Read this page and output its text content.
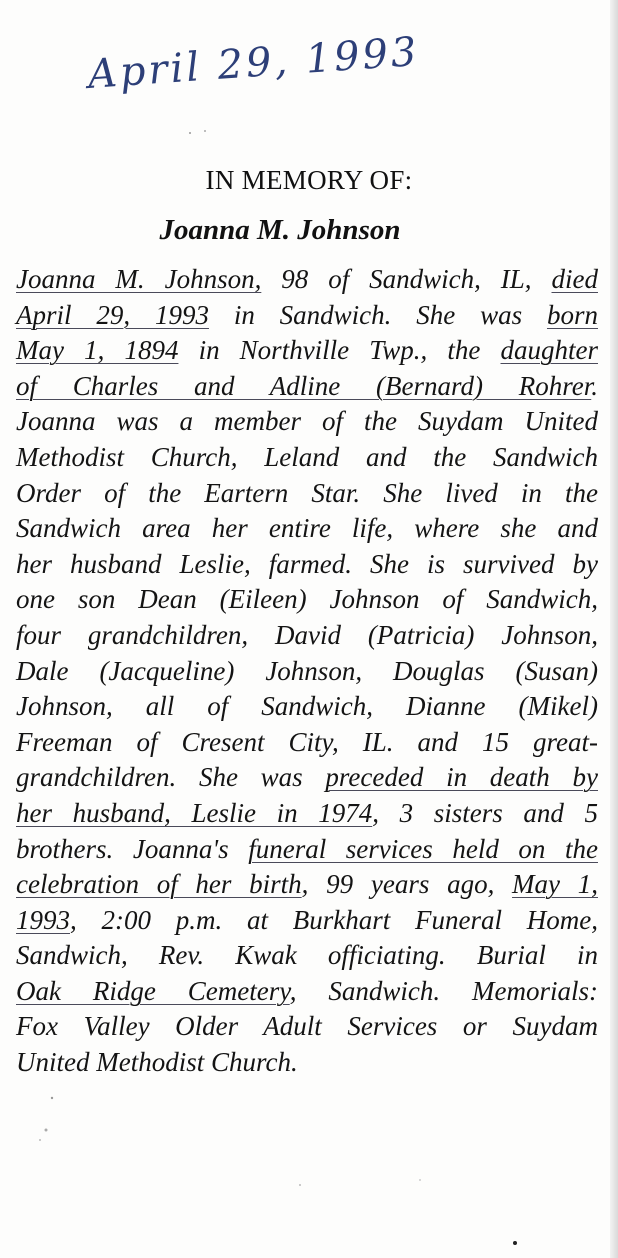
April 29, 1993
IN MEMORY OF:
Joanna M. Johnson
Joanna M. Johnson, 98 of Sandwich, IL, died
April 29, 1993 in Sandwich. She was born
May 1, 1894 in Northville Twp., the daughter
of Charles and Adline (Bernard) Rohrer.
Joanna was a member of the Suydam United
Methodist Church, Leland and the Sandwich
Order of the Eartern Star. She lived in the
Sandwich area her entire life, where she and
her husband Leslie, farmed. She is survived by
one son Dean (Eileen) Johnson of Sandwich,
four grandchildren, David (Patricia) Johnson,
Dale (Jacqueline) Johnson, Douglas (Susan)
Johnson, all of Sandwich, Dianne (Mikel)
Freeman of Cresent City, IL. and 15 great-
grandchildren. She was preceded in death by
her husband, Leslie in 1974, 3 sisters and 5
brothers. Joanna's funeral services held on the
celebration of her birth, 99 years ago, May 1,
1993, 2:00 p.m. at Burkhart Funeral Home,
Sandwich, Rev. Kwak officiating. Burial in
Oak Ridge Cemetery, Sandwich. Memorials:
Fox Valley Older Adult Services or Suydam
United Methodist Church.
